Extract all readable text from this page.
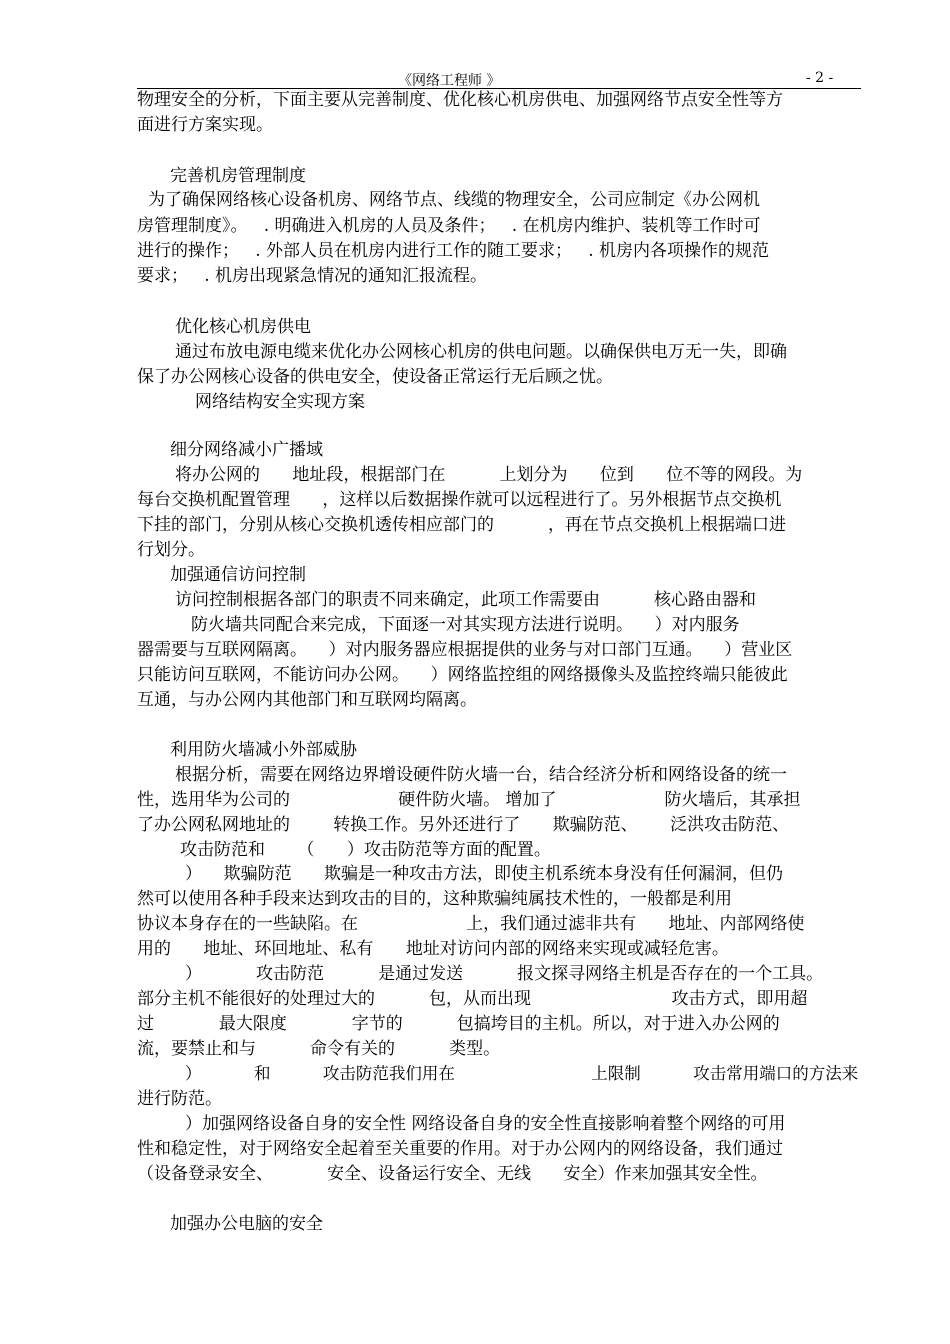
《网络工程师 》	- 2 -
物理安全的分析，下面主要从完善制度、优化核心机房供电、加强网络节点安全性等方
面进行方案实现。
完善机房管理制度
为了确保网络核心设备机房、网络节点、线缆的物理安全，公司应制定《办公网机
房管理制度》。   . 明确进入机房的人员及条件；   . 在机房内维护、装机等工作时可
进行的操作；   . 外部人员在机房内进行工作的随工要求；   . 机房内各项操作的规范
要求；   . 机房出现紧急情况的通知汇报流程。
优化核心机房供电
通过布放电源电缆来优化办公网核心机房的供电问题。以确保供电万无一失，即确
保了办公网核心设备的供电安全，使设备正常运行无后顾之忧。
网络结构安全实现方案
细分网络减小广播域
将办公网的      地址段，根据部门在          上划分为      位到      位不等的网段。为
每台交换机配置管理      ，这样以后数据操作就可以远程进行了。另外根据节点交换机
下挂的部门，分别从核心交换机透传相应部门的          ，再在节点交换机上根据端口进
行划分。
加强通信访问控制
访问控制根据各部门的职责不同来确定，此项工作需要由          核心路由器和
防火墙共同配合来完成，下面逐一对其实现方法进行说明。    ）对内服务
器需要与互联网隔离。    ）对内服务器应根据提供的业务与对口部门互通。    ）营业区
只能访问互联网，不能访问办公网。    ）网络监控组的网络摄像头及监控终端只能彼此
互通，与办公网内其他部门和互联网均隔离。
利用防火墙减小外部威胁
根据分析，需要在网络边界增设硬件防火墙一台，结合经济分析和网络设备的统一
性，选用华为公司的                    硬件防火墙。 增加了                    防火墙后，其承担
了办公网私网地址的        转换工作。另外还进行了      欺骗防范、      泛洪攻击防范、
攻击防范和      （      ）攻击防范等方面的配置。
）    欺骗防范      欺骗是一种攻击方法，即使主机系统本身没有任何漏洞，但仍
然可以使用各种手段来达到攻击的目的，这种欺骗纯属技术性的，一般都是利用
协议本身存在的一些缺陷。在                    上，我们通过滤非共有      地址、内部网络使
用的      地址、环回地址、私有      地址对访问内部的网络来实现或减轻危害。
）          攻击防范          是通过发送          报文探寻网络主机是否存在的一个工具。
部分主机不能很好的处理过大的          包，从而出现                          攻击方式，即用超
过            最大限度            字节的          包搞垮目的主机。所以，对于进入办公网的
流，要禁止和与          命令有关的          类型。
）          和          攻击防范我们用在                          上限制          攻击常用端口的方法来
进行防范。
）加强网络设备自身的安全性 网络设备自身的安全性直接影响着整个网络的可用
性和稳定性，对于网络安全起着至关重要的作用。对于办公网内的网络设备，我们通过
（设备登录安全、          安全、设备运行安全、无线      安全）作来加强其安全性。
加强办公电脑的安全
